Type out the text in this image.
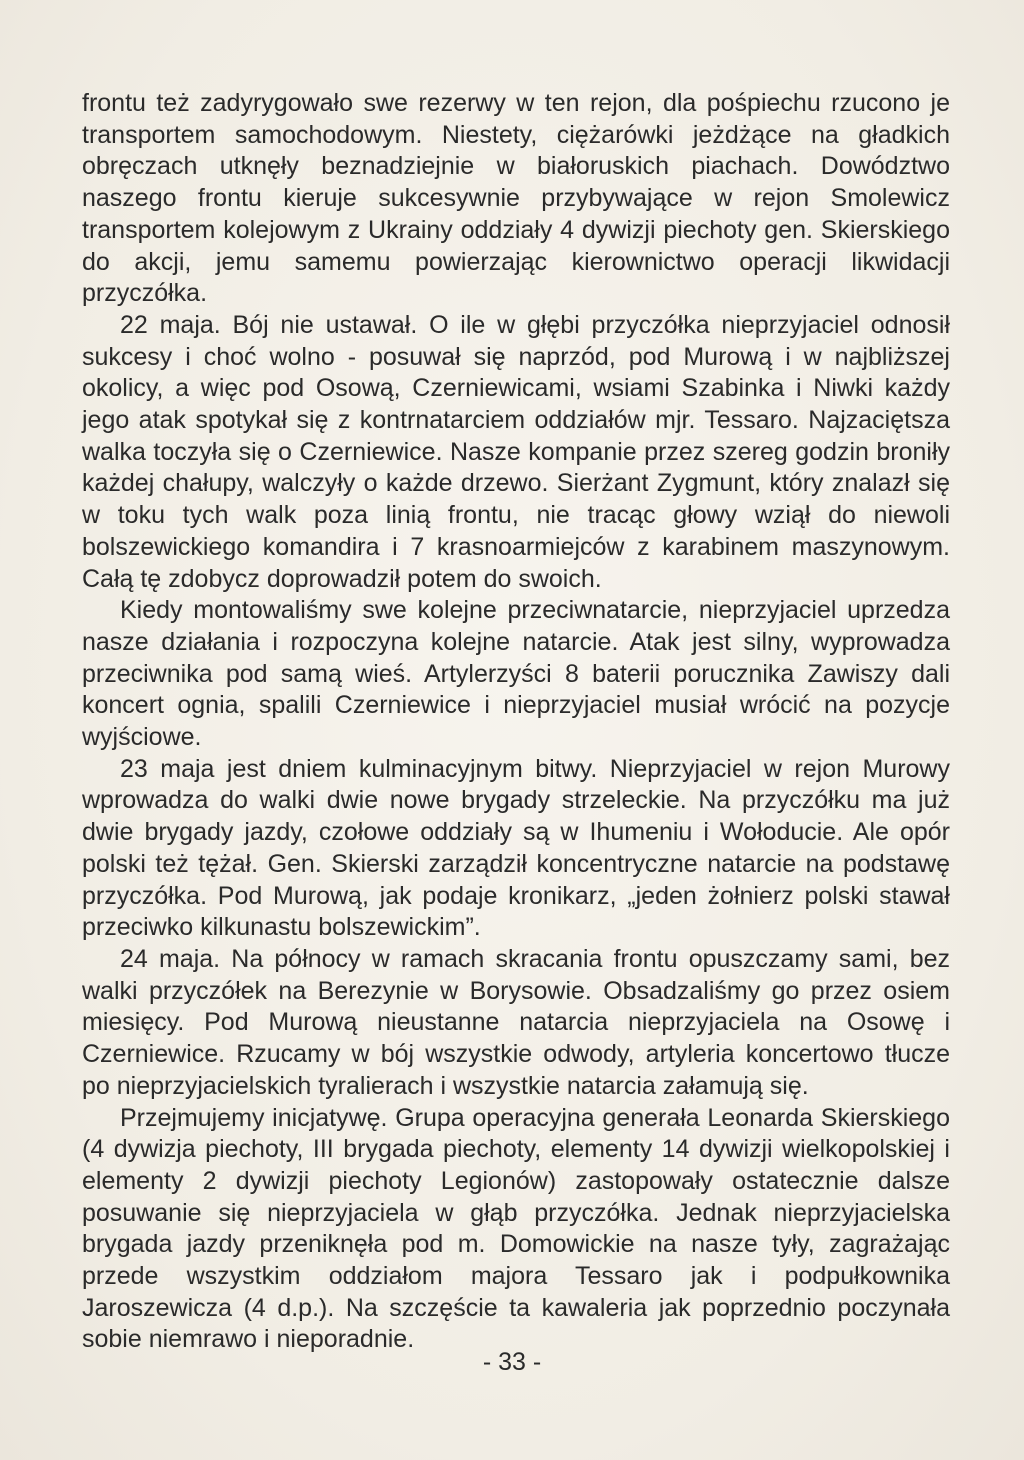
frontu też zadyrygowało swe rezerwy w ten rejon, dla pośpiechu rzucono je transportem samochodowym. Niestety, ciężarówki jeżdżące na gładkich obręczach utknęły beznadziejnie w białoruskich piachach. Dowództwo naszego frontu kieruje sukcesywnie przybywające w rejon Smolewicz transportem kolejowym z Ukrainy oddziały 4 dywizji piechoty gen. Skierskiego do akcji, jemu samemu powierzając kierownictwo operacji likwidacji przyczółka.

22 maja. Bój nie ustawał. O ile w głębi przyczółka nieprzyjaciel odnosił sukcesy i choć wolno - posuwał się naprzód, pod Murową i w najbliższej okolicy, a więc pod Osową, Czerniewicami, wsiami Szabinka i Niwki każdy jego atak spotykał się z kontrnatarciem oddziałów mjr. Tessaro. Najzaciętsza walka toczyła się o Czerniewice. Nasze kompanie przez szereg godzin broniły każdej chałupy, walczyły o każde drzewo. Sierżant Zygmunt, który znalazł się w toku tych walk poza linią frontu, nie tracąc głowy wziął do niewoli bolszewickiego komandira i 7 krasnoarmiejców z karabinem maszynowym. Całą tę zdobycz doprowadził potem do swoich.

Kiedy montowaliśmy swe kolejne przeciwnatarcie, nieprzyjaciel uprzedza nasze działania i rozpoczyna kolejne natarcie. Atak jest silny, wyprowadza przeciwnika pod samą wieś. Artylerzyści 8 baterii porucznika Zawiszy dali koncert ognia, spalili Czerniewice i nieprzyjaciel musiał wrócić na pozycje wyjściowe.

23 maja jest dniem kulminacyjnym bitwy. Nieprzyjaciel w rejon Murowy wprowadza do walki dwie nowe brygady strzeleckie. Na przyczółku ma już dwie brygady jazdy, czołowe oddziały są w Ihumeniu i Wołoducie. Ale opór polski też tężał. Gen. Skierski zarządził koncentryczne natarcie na podstawę przyczółka. Pod Murową, jak podaje kronikarz, „jeden żołnierz polski stawał przeciwko kilkunastu bolszewickim”.

24 maja. Na północy w ramach skracania frontu opuszczamy sami, bez walki przyczółek na Berezynie w Borysowie. Obsadzaliśmy go przez osiem miesięcy. Pod Murową nieustanne natarcia nieprzyjaciela na Osowę i Czerniewice. Rzucamy w bój wszystkie odwody, artyleria koncertowo tłucze po nieprzyjacielskich tyralierach i wszystkie natarcia załamują się.

Przejmujemy inicjatywę. Grupa operacyjna generała Leonarda Skierskiego (4 dywizja piechoty, III brygada piechoty, elementy 14 dywizji wielkopolskiej i elementy 2 dywizji piechoty Legionów) zastopowały ostatecznie dalsze posuwanie się nieprzyjaciela w głąb przyczółka. Jednak nieprzyjacielska brygada jazdy przeniknęła pod m. Domowickie na nasze tyły, zagrażając przede wszystkim oddziałom majora Tessaro jak i podpułkownika Jaroszewicza (4 d.p.). Na szczęście ta kawaleria jak poprzednio poczynała sobie niemrawo i nieporadnie.

- 33 -
